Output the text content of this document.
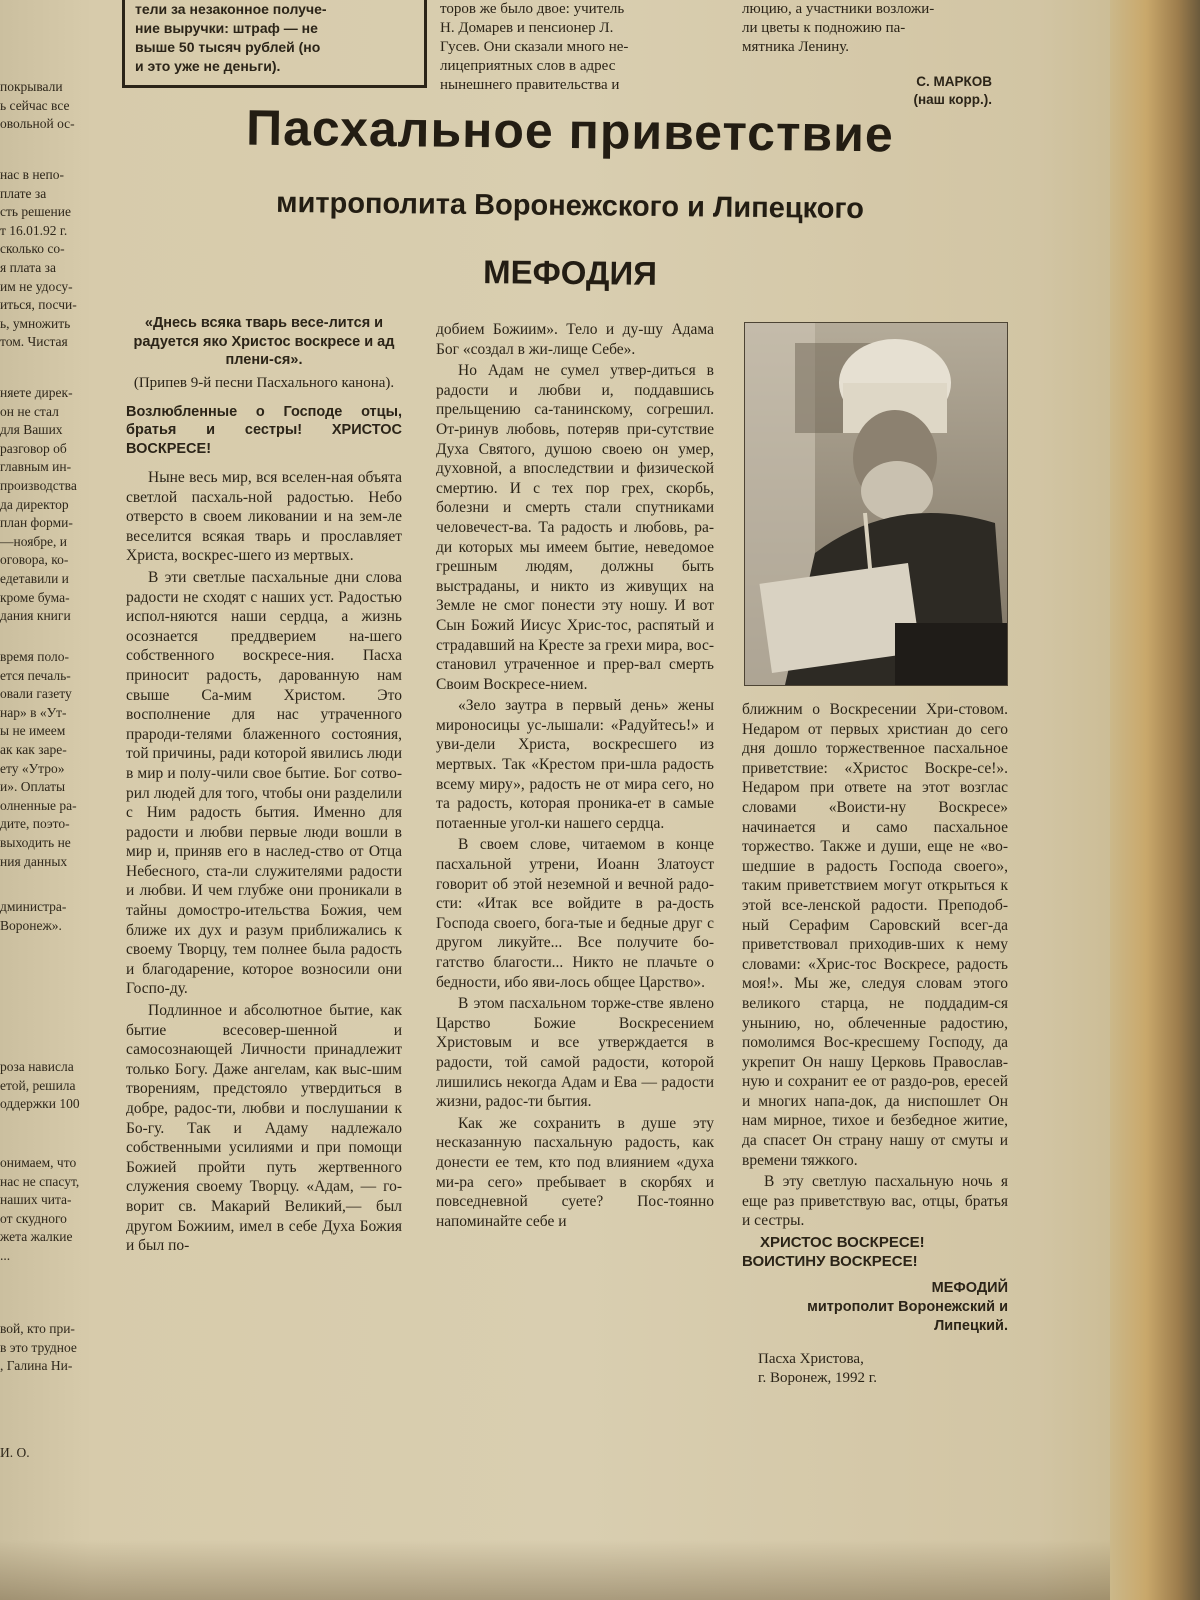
покрывали
ь сейчас все
овольной ос-
нас в непо-
плате за
сть решение
т 16.01.92 г.
сколько со-
я плата за
им не удосу-
иться, посчи-
ь, умножить
том. Чистая
няете дирек-
он не стал
для Ваших
разговор об
главным ин-
производства
да директор
план форми-
—ноябре, и
оговора, ко-
едетавили и
кроме бума-
дания книги
время поло-
ется печаль-
овали газету
нар» в «Ут-
ы не имеем
ак как заре-
ету «Утро»
и». Оплаты
олненные ра-
дите, поэто-
выходить не
ния данных
дминистра-
Воронеж».
роза нависла
етой, решила
оддержки 100
онимаем, что
нас не спасут,
наших чита-
от скудного
жета жалкие
...
вой, кто при-
в это трудное
, Галина Ни-
И. О.
тели за незаконное получе-
ние выручки: штраф — не
выше 50 тысяч рублей (но
и это уже не деньги).
торов же было двое: учитель
Н. Домарев и пенсионер Л.
Гусев. Они сказали много не-
лицеприятных слов в адрес
нынешнего правительства и
люцию, а участники возложи-
ли цветы к подножию па-
мятника Ленину.
С. МАРКОВ
(наш корр.).
Пасхальное приветствие
митрополита Воронежского и Липецкого
МЕФОДИЯ
«Днесь всяка тварь весе-лится и радуется яко Христос воскресе и ад плени-ся».
(Припев 9-й песни Пасхального канона).
Возлюбленные о Господе отцы, братья и сестры! ХРИСТОС ВОСКРЕСЕ!

Ныне весь мир, вся вселен-ная объята светлой пасхаль-ной радостью. Небо отверсто в своем ликовании и на зем-ле веселится всякая тварь и прославляет Христа, воскрес-шего из мертвых.

В эти светлые пасхальные дни слова радости не сходят с наших уст. Радостью испол-няются наши сердца, а жизнь осознается преддверием на-шего собственного воскресе-ния. Пасха приносит радость, дарованную нам свыше Са-мим Христом. Это восполнение для нас утраченного прароди-телями блаженного состояния, той причины, ради которой явились люди в мир и полу-чили свое бытие. Бог сотво-рил людей для того, чтобы они разделили с Ним радость бытия. Именно для радости и любви первые люди вошли в мир и, приняв его в наслед-ство от Отца Небесного, ста-ли служителями радости и любви. И чем глубже они проникали в тайны домостро-ительства Божия, чем ближе их дух и разум приближались к своему Творцу, тем полнее была радость и благодарение, которое возносили они Госпо-ду.

Подлинное и абсолютное бытие, как бытие всесовер-шенной и самосознающей Личности принадлежит только Богу. Даже ангелам, как выс-шим творениям, предстояло утвердиться в добре, радос-ти, любви и послушании к Бо-гу. Так и Адаму надлежало собственными усилиями и при помощи Божией пройти путь жертвенного служения своему Творцу. «Адам, — го-ворит св. Макарий Великий,— был другом Божиим, имел в себе Духа Божия и был по-

добием Божиим». Тело и ду-шу Адама Бог «создал в жи-лище Себе».

Но Адам не сумел утвер-диться в радости и любви и, поддавшись прельщению са-танинскому, согрешил. От-ринув любовь, потеряв при-сутствие Духа Святого, душою своею он умер, духовной, а впоследствии и физической смертию. И с тех пор грех, скорбь, болезни и смерть стали спутниками человечест-ва. Та радость и любовь, ра-ди которых мы имеем бытие, неведомое грешным людям, должны быть выстраданы, и никто из живущих на Земле не смог понести эту ношу. И вот Сын Божий Иисус Хрис-тос, распятый и страдавший на Кресте за грехи мира, вос-становил утраченное и прер-вал смерть Своим Воскресе-нием.

«Зело заутра в первый день» жены мироносицы ус-лышали: «Радуйтесь!» и уви-дели Христа, воскресшего из мертвых. Так «Крестом при-шла радость всему миру», радость не от мира сего, но та радость, которая проника-ет в самые потаенные угол-ки нашего сердца.

В своем слове, читаемом в конце пасхальной утрени, Иоанн Златоуст говорит об этой неземной и вечной радо-сти: «Итак все войдите в ра-дость Господа своего, бога-тые и бедные друг с другом ликуйте... Все получите бо-гатство благости... Никто не плачьте о бедности, ибо яви-лось общее Царство».

В этом пасхальном торже-стве явлено Царство Божие Воскресением Христовым и все утверждается в радости, той самой радости, которой лишились некогда Адам и Ева — радости жизни, радос-ти бытия.

Как же сохранить в душе эту несказанную пасхальную радость, как донести ее тем, кто под влиянием «духа ми-ра сего» пребывает в скорбях и повседневной суете? Пос-тоянно напоминайте себе и

ближним о Воскресении Хри-стовом. Недаром от первых христиан до сего дня дошло торжественное пасхальное приветствие: «Христос Воскре-се!». Недаром при ответе на этот возглас словами «Воисти-ну Воскресе» начинается и само пасхальное торжество. Также и души, еще не «во-шедшие в радость Господа своего», таким приветствием могут открыться к этой все-ленской радости. Преподоб-ный Серафим Саровский всег-да приветствовал приходив-ших к нему словами: «Хрис-тос Воскресе, радость моя!». Мы же, следуя словам этого великого старца, не поддадим-ся унынию, но, облеченные радостию, помолимся Вос-кресшему Господу, да укрепит Он нашу Церковь Православ-ную и сохранит ее от раздо-ров, ересей и многих напа-док, да ниспошлет Он нам мирное, тихое и безбедное житие, да спасет Он страну нашу от смуты и времени тяжкого.

В эту светлую пасхальную ночь я еще раз приветствую вас, отцы, братья и сестры.

ХРИСТОС ВОСКРЕСЕ!
ВОИСТИНУ ВОСКРЕСЕ!
МЕФОДИЙ
митрополит Воронежский и Липецкий.
Пасха Христова,
г. Воронеж, 1992 г.
